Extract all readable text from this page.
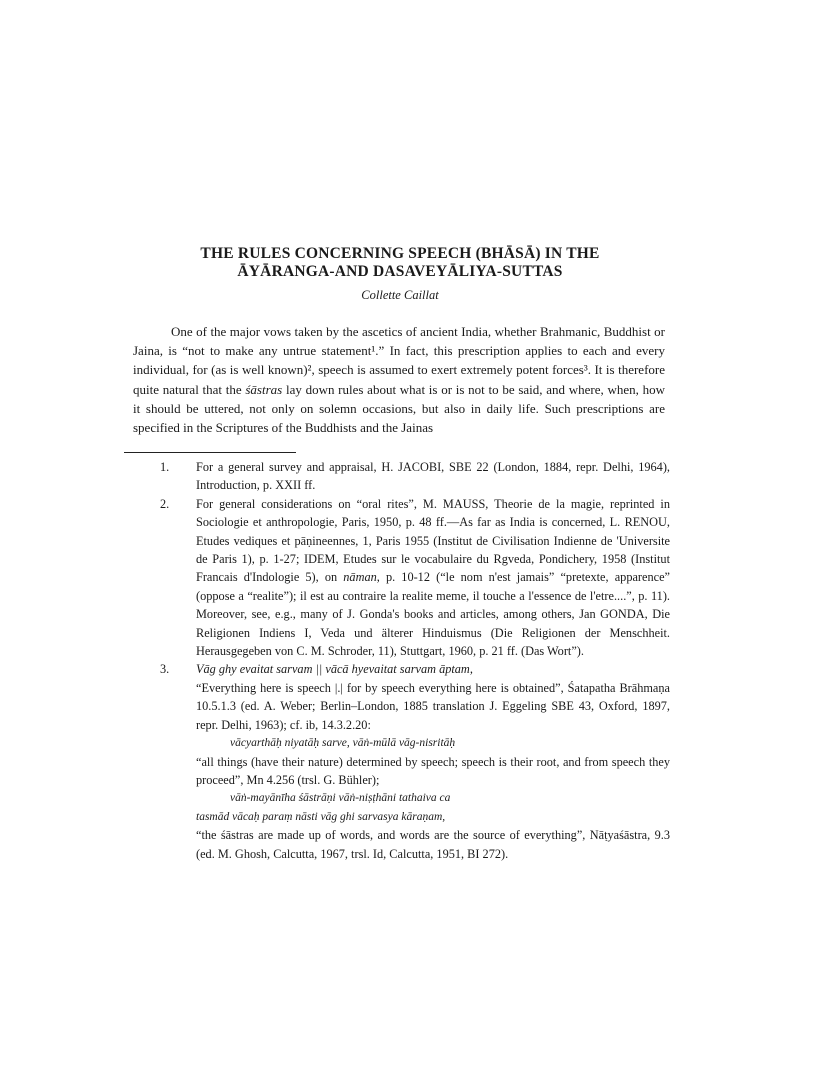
THE RULES CONCERNING SPEECH (BHĀSĀ) IN THE
ĀYĀRANGA-AND DASAVEYĀLIYA-SUTTAS
Collette Caillat

One of the major vows taken by the ascetics of ancient India, whether Brahmanic, Buddhist or Jaina, is “not to make any untrue statement¹.” In fact, this prescription applies to each and every individual, for (as is well known)², speech is assumed to exert extremely potent forces³. It is therefore quite natural that the śāstras lay down rules about what is or is not to be said, and where, when, how it should be uttered, not only on solemn occasions, but also in daily life. Such prescriptions are specified in the Scriptures of the Buddhists and the Jainas

1.	For a general survey and appraisal, H. JACOBI, SBE 22 (London, 1884, repr. Delhi, 1964), Introduction, p. XXII ff.

2.	For general considerations on “oral rites”, M. MAUSS, Theorie de la magie, reprinted in Sociologie et anthropologie, Paris, 1950, p. 48 ff.—As far as India is concerned, L. RENOU, Etudes vediques et pāṇineennes, 1, Paris 1955 (Institut de Civilisation Indienne de 'Universite de Paris 1), p. 1-27; IDEM, Etudes sur le vocabulaire du Rgveda, Pondichery, 1958 (Institut Francais d'Indologie 5), on nāman, p. 10-12 (“le nom n'est jamais” “pretexte, apparence” (oppose a “realite”); il est au contraire la realite meme, il touche a l'essence de l'etre....”, p. 11). Moreover, see, e.g., many of J. Gonda's books and articles, among others, Jan GONDA, Die Religionen Indiens I, Veda und älterer Hinduismus (Die Religionen der Menschheit. Herausgegeben von C. M. Schroder, 11), Stuttgart, 1960, p. 21 ff. (Das Wort”).

3.	Vāg ghy evaitat sarvam || vācā hyevaitat sarvam āptam,

“Everything here is speech |.| for by speech everything here is obtained”, Śatapatha Brāhmaṇa 10.5.1.3 (ed. A. Weber; Berlin–London, 1885 translation J. Eggeling SBE 43, Oxford, 1897, repr. Delhi, 1963); cf. ib, 14.3.2.20:

vācyarthāḥ niyatāḥ sarve, vāṅ-mūlā vāg-nisritāḥ

“all things (have their nature) determined by speech; speech is their root, and from speech they proceed”, Mn 4.256 (trsl. G. Bühler);

vāṅ-mayānīha śāstrāṇi vāṅ-niṣṭhāni tathaiva ca

tasmād vācaḥ paraṃ nāsti vāg ghi sarvasya kāraṇam,

“the śāstras are made up of words, and words are the source of everything”, Nāṭyaśāstra, 9.3 (ed. M. Ghosh, Calcutta, 1967, trsl. Id, Calcutta, 1951, BI 272).
